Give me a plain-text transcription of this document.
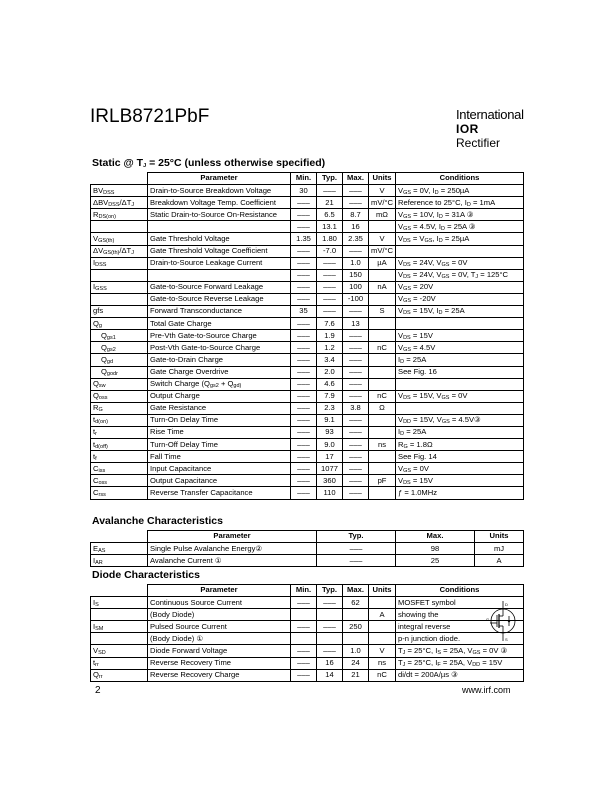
IRLB8721PbF	International
IOR Rectifier
Static @ $T_J = 25^\circ C$ (unless otherwise specified)
	Parameter	Min.	Typ.	Max.	Units	Conditions
$BV_{DSS}$	Drain-to-Source Breakdown Voltage	30	–––	–––	V	$V_{GS} = 0V$, $I_D = 250\mu A$
$\Delta BV_{DSS}/\Delta T_J$	Breakdown Voltage Temp. Coefficient	–––	21	–––	mV/°C	Reference to 25°C, $I_D = 1mA$
$R_{DS(on)}$	Static Drain-to-Source On-Resistance	–––	6.5	8.7	mΩ	$V_{GS} = 10V$, $I_D = 31A$ ③
		–––	13.1	16		$V_{GS} = 4.5V$, $I_D = 25A$ ③
$V_{GS(th)}$	Gate Threshold Voltage	1.35	1.80	2.35	V	$V_{DS} = V_{GS}$, $I_D = 25\mu A$
$\Delta V_{GS(th)}/\Delta T_J$	Gate Threshold Voltage Coefficient	–––	-7.0	–––	mV/°C	
$I_{DSS}$	Drain-to-Source Leakage Current	–––	–––	1.0	µA	$V_{DS} = 24V$, $V_{GS} = 0V$
		–––	–––	150		$V_{DS} = 24V$, $V_{GS} = 0V$, $T_J = 125^\circ C$
$I_{GSS}$	Gate-to-Source Forward Leakage	–––	–––	100	nA	$V_{GS} = 20V$
	Gate-to-Source Reverse Leakage	–––	–––	-100		$V_{GS} = -20V$
gfs	Forward Transconductance	35	–––	–––	S	$V_{DS} = 15V$, $I_D = 25A$
$Q_g$	Total Gate Charge	–––	7.6	13		
$Q_{gs1}$	Pre-Vth Gate-to-Source Charge	–––	1.9	–––		$V_{DS} = 15V$
$Q_{gs2}$	Post-Vth Gate-to-Source Charge	–––	1.2	–––	nC	$V_{GS} = 4.5V$
$Q_{gd}$	Gate-to-Drain Charge	–––	3.4	–––		$I_D = 25A$
$Q_{godr}$	Gate Charge Overdrive	–––	2.0	–––		See Fig. 16
$Q_{sw}$	Switch Charge ($Q_{gs2} + Q_{gd)}$	–––	4.6	–––		
$Q_{oss}$	Output Charge	–––	7.9	–––	nC	$V_{DS} = 15V$, $V_{GS} = 0V$
$R_G$	Gate Resistance	–––	2.3	3.8	Ω	
$t_{d(on)}$	Turn-On Delay Time	–––	9.1	–––		$V_{DD} = 15V$, $V_{GS}$ = 4.5V③
$t_r$	Rise Time	–––	93	–––		$I_D = 25A$
$t_{d(off)}$	Turn-Off Delay Time	–––	9.0	–––	ns	$R_G = 1.8\Omega$
$t_f$	Fall Time	–––	17	–––		See Fig. 14
$C_{iss}$	Input Capacitance	–––	1077	–––		$V_{GS} = 0V$
$C_{oss}$	Output Capacitance	–––	360	–––	pF	$V_{DS} = 15V$
$C_{rss}$	Reverse Transfer Capacitance	–––	110	–––		ƒ = 1.0MHz
Avalanche Characteristics
	Parameter	Typ.	Max.	Units
$E_{AS}$	Single Pulse Avalanche Energy②	–––	98	mJ
$I_{AR}$	Avalanche Current ①	–––	25	A
Diode Characteristics
	Parameter	Min.	Typ.	Max.	Units	Conditions
$I_S$	Continuous Source Current	–––	–––	62		MOSFET symbol
	(Body Diode)				A	showing the
$I_{SM}$	Pulsed Source Current	–––	–––	250		integral reverse
	(Body Diode) ①					p-n junction diode.
$V_{SD}$	Diode Forward Voltage	–––	–––	1.0	V	$T_J = 25^\circ C$, $I_S = 25A$, $V_{GS} = 0V$ ③
$t_{rr}$	Reverse Recovery Time	–––	16	24	ns	$T_J = 25^\circ C$, $I_F = 25A$, $V_{DD} = 15V$
$Q_{rr}$	Reverse Recovery Charge	–––	14	21	nC	di/dt = 200A/µs ③
D
G
S
2	www.irf.com
